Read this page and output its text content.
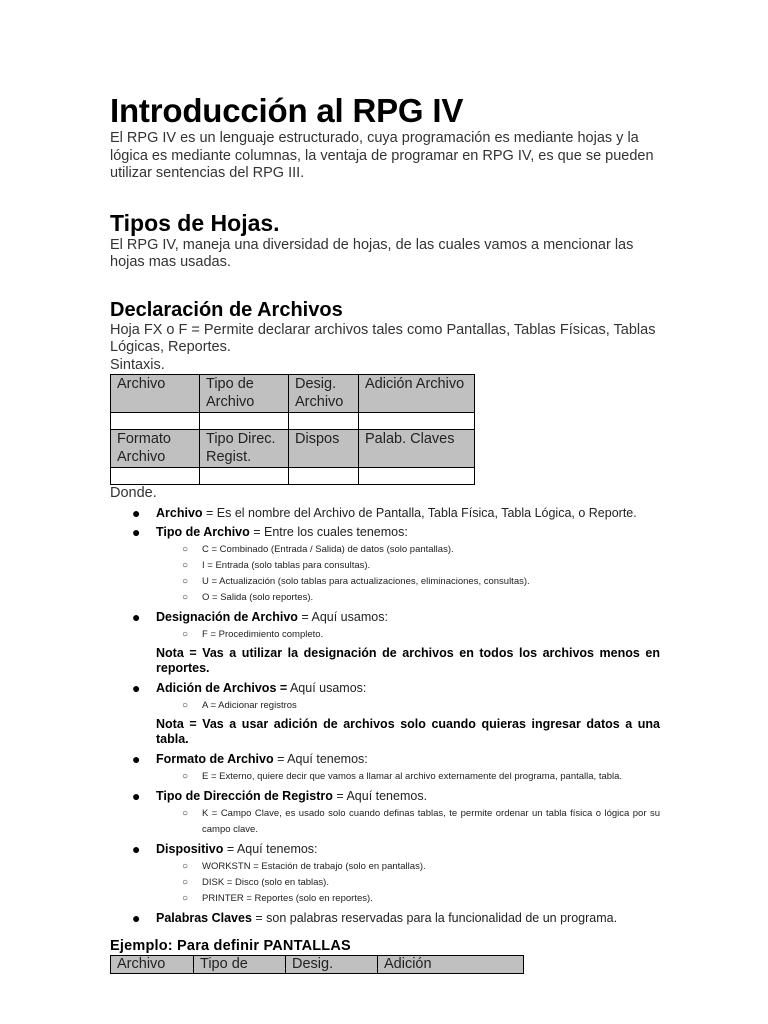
Introducción al RPG IV

El RPG IV es un lenguaje estructurado, cuya programación es mediante hojas y la lógica es mediante columnas, la ventaja de programar en RPG IV, es que se pueden utilizar sentencias del RPG III.

Tipos de Hojas.

El RPG IV, maneja una diversidad de hojas, de las cuales vamos a mencionar las hojas mas usadas.

Declaración de Archivos

Hoja FX o F = Permite declarar archivos tales como Pantallas, Tablas Físicas, Tablas Lógicas, Reportes.

Sintaxis.

Archivo	Tipo de Archivo	Desig. Archivo	Adición Archivo

Formato Archivo	Tipo Direc. Regist.	Dispos	Palab. Claves

Donde.

● Archivo = Es el nombre del Archivo de Pantalla, Tabla Física, Tabla Lógica, o Reporte.
● Tipo de Archivo = Entre los cuales tenemos:
○ C = Combinado (Entrada / Salida) de datos (solo pantallas).
○ I = Entrada (solo tablas para consultas).
○ U = Actualización (solo tablas para actualizaciones, eliminaciones, consultas).
○ O = Salida (solo reportes).
● Designación de Archivo = Aquí usamos:
○ F = Procedimiento completo.
Nota = Vas a utilizar la designación de archivos en todos los archivos menos en reportes.
● Adición de Archivos = Aquí usamos:
○ A = Adicionar registros
Nota = Vas a usar adición de archivos solo cuando quieras ingresar datos a una tabla.
● Formato de Archivo = Aquí tenemos:
○ E = Externo, quiere decir que vamos a llamar al archivo externamente del programa, pantalla, tabla.
● Tipo de Dirección de Registro = Aquí tenemos.
○ K = Campo Clave, es usado solo cuando definas tablas, te permite ordenar un tabla física o lógica por su campo clave.
● Dispositivo = Aquí tenemos:
○ WORKSTN = Estación de trabajo (solo en pantallas).
○ DISK = Disco (solo en tablas).
○ PRINTER = Reportes (solo en reportes).
● Palabras Claves = son palabras reservadas para la funcionalidad de un programa.
Ejemplo: Para definir PANTALLAS
Archivo	Tipo de	Desig.	Adición
